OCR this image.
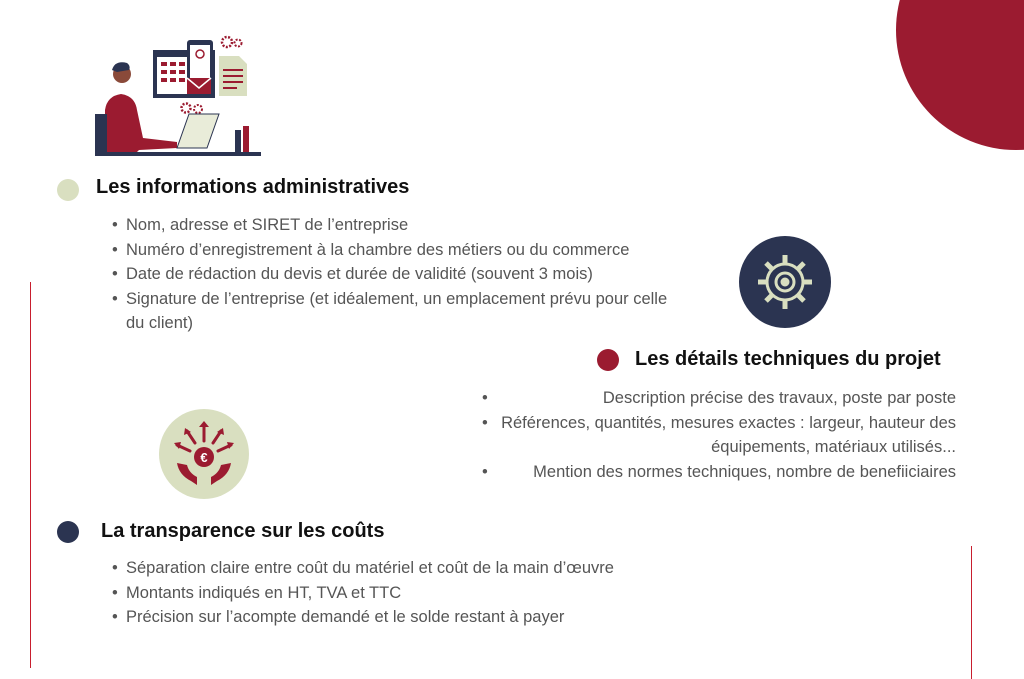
Les informations administratives
• Nom, adresse et SIRET de l’entreprise
• Numéro d’enregistrement à la chambre des métiers ou du commerce
• Date de rédaction du devis et durée de validité (souvent 3 mois)
• Signature de l’entreprise (et idéalement, un emplacement prévu pour celle du client)
Les détails techniques du projet
• Description précise des travaux, poste par poste
• Références, quantités, mesures exactes : largeur, hauteur des équipements, matériaux utilisés...
• Mention des normes techniques, nombre de benefiiciaires
€
La transparence sur les coûts
• Séparation claire entre coût du matériel et coût de la main d’œuvre
• Montants indiqués en HT, TVA et TTC
• Précision sur l’acompte demandé et le solde restant à payer
